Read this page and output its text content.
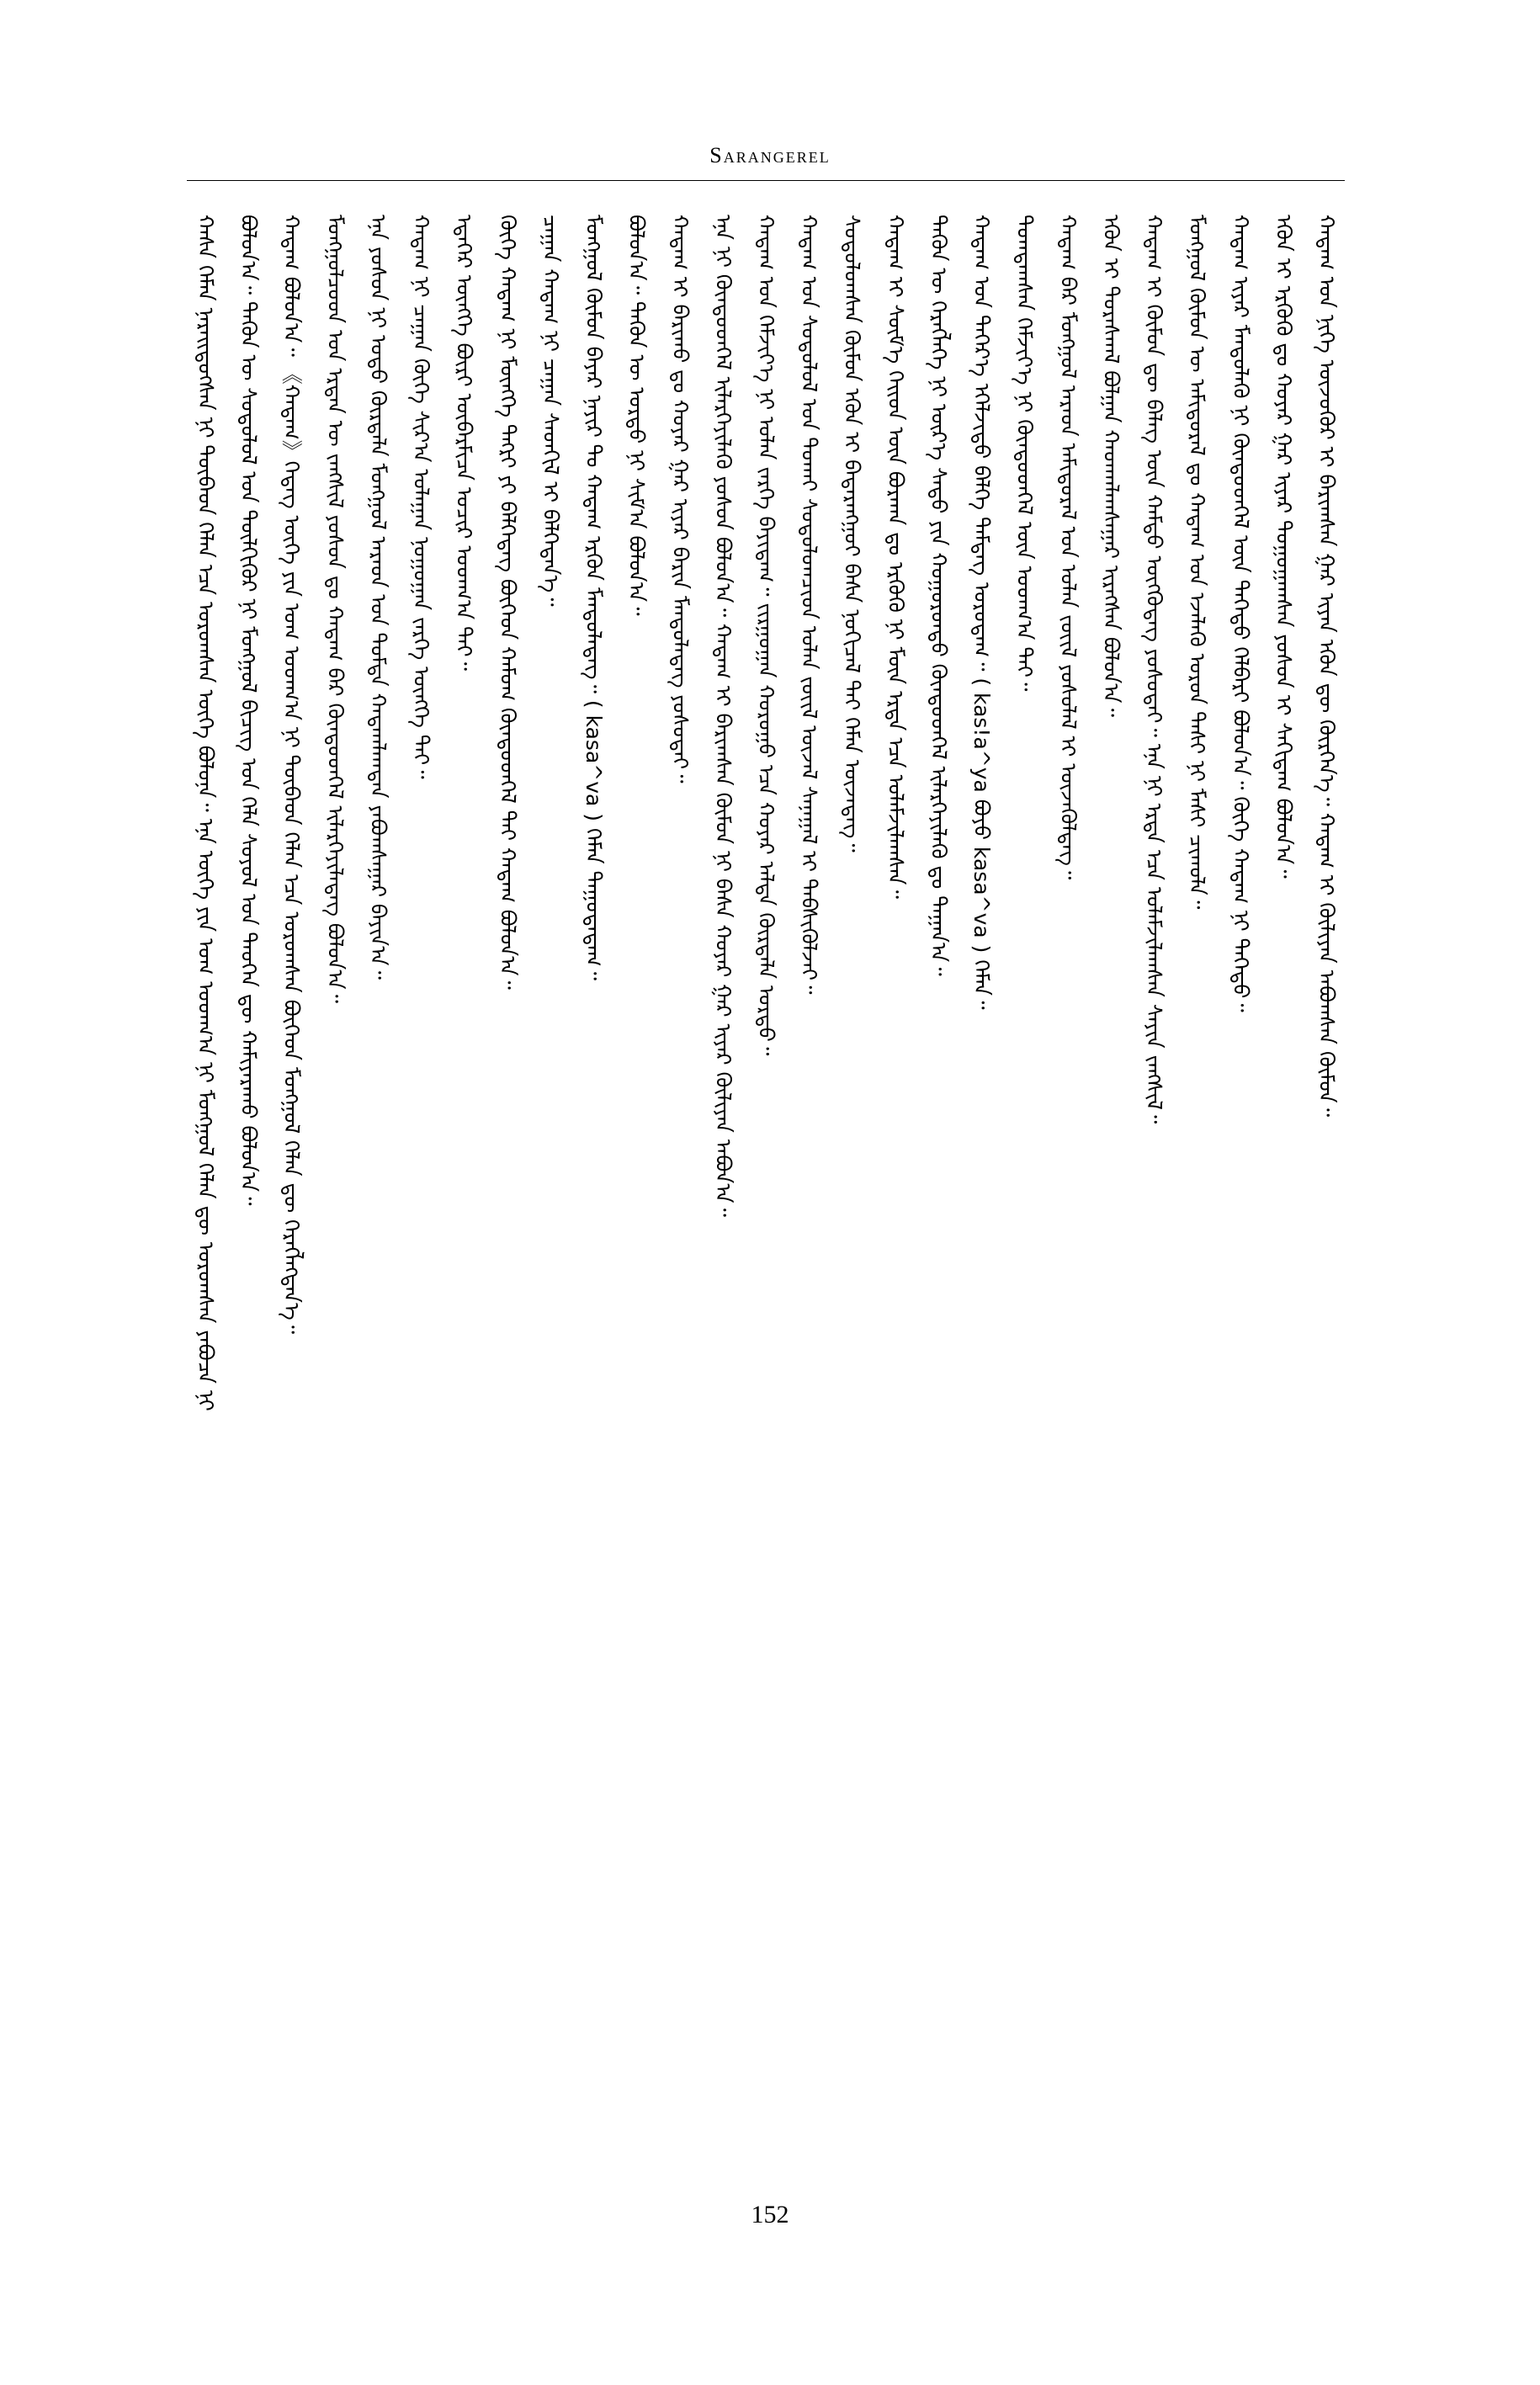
Sarangerel
ᠬᠠᠰᠠ ᠬᠡᠮᠡᠨ ᠨᠡᠷᠡᠢᠳᠦᠭᠰᠡᠨ ᠨᠢ ᠲᠥᠪᠡᠳ ᠬᠡᠯᠡᠨ ᠡᠴᠡ ᠣᠷᠣᠭᠰᠠᠨ ᠦᠭᠡ ᠪᠣᠯᠤᠨᠠ᠃ ᠡᠨᠡ ᠦᠭᠡ ᠶᠢᠨ ᠤᠭ ᠤᠳᠬ᠎ᠠ ᠨᠢ ᠮᠣᠩᠭᠣᠯ ᠬᠡᠯᠡᠨ ᠳᠦ ᠣᠷᠣᠭᠰᠠᠨ ᠶᠠᠪᠤᠴᠠ ᠨᠢ ᠪᠣᠯᠤᠨ᠎ᠠ᠃ ᠲᠡᠭᠦᠨ ᠦ ᠰᠤᠳᠤᠯᠤᠯ ᠤᠨ ᠲᠦᠯᠬᠢᠭᠦᠷ ᠨᠢ ᠮᠣᠩᠭᠣᠯ ᠪᠢᠴᠢᠭ ᠤᠨ ᠬᠡᠯᠡ ᠰᠣᠶᠣᠯ ᠤᠨ ᠲᠡᠦᠬᠡᠨ ᠳᠦ ᠬᠠᠮᠢᠶᠠᠷᠠᠬᠤ ᠪᠣᠯᠤᠨ᠎ᠠ᠃ ᠬᠠᠳᠠᠭ ᠪᠣᠯᠤᠨ᠎ᠠ᠃ 《ᠬᠠᠳᠠᠭ》ᠭᠡᠳᠡᠭ ᠦᠭᠡ ᠶᠢᠨ ᠤᠭ ᠤᠳᠬ᠎ᠠ ᠨᠢ ᠲᠥᠪᠡᠳ ᠬᠡᠯᠡᠨ ᠡᠴᠡ ᠣᠷᠣᠭᠰᠠᠨ ᠪᠥᠭᠡᠳ ᠮᠣᠩᠭᠣᠯ ᠬᠡᠯᠡᠨ ᠳᠦ ᠬᠡᠷᠡᠭᠯᠡᠭᠳᠡᠨ᠎ᠡ᠃ ᠮᠣᠩᠭᠣᠯᠴᠤᠳ ᠤᠨ ᠡᠷᠲᠡᠨ ᠦ ᠵᠠᠩᠱᠢᠯ ᠶᠣᠰᠤᠨ ᠳᠤ ᠬᠠᠳᠠᠭ ᠪᠡᠷ ᠬᠦᠨᠳᠦᠳᠬᠡᠯ ᠢᠯᠡᠷᠬᠡᠶᠢᠯᠡᠳᠡᠭ ᠪᠣᠯᠤᠨ᠎ᠠ᠃ ᠡᠨᠡ ᠶᠣᠰᠤᠨ ᠨᠢ ᠣᠳᠣ ᠬᠦᠷᠲᠡᠯᠡ ᠮᠣᠩᠭᠣᠯ ᠠᠷᠠᠳ ᠤᠨ ᠳᠤᠮᠳᠠ ᠬᠠᠳᠠᠭᠯᠠᠭᠳᠠᠨ ᠶᠠᠪᠤᠭᠰᠠᠭᠠᠷ ᠪᠠᠶᠢᠨ᠎ᠠ᠃ ᠬᠠᠳᠠᠭ ᠨᠢ ᠴᠠᠭᠠᠨ ᠬᠥᠬᠡ ᠰᠢᠷ᠎ᠠ ᠤᠯᠠᠭᠠᠨ ᠨᠣᠭᠣᠭᠠᠨ ᠵᠡᠷᠭᠡ ᠥᠩᠭᠡ ᠲᠠᠢ᠃ ᠡᠳᠡᠭᠡᠷ ᠥᠩᠭᠡ ᠪᠦᠷᠢ ᠥᠪᠡᠷᠮᠢᠴᠡ ᠤᠴᠢᠷ ᠤᠳᠬ᠎ᠠ ᠲᠠᠢ᠃ ᠬᠥᠬᠡ ᠬᠠᠳᠠᠭ ᠨᠢ ᠮᠥᠩᠬᠡ ᠲᠩᠷᠢ ᠶᠢ ᠪᠡᠯᠭᠡᠳᠡᠭ ᠪᠦᠭᠡᠳ ᠬᠠᠮᠤᠭ ᠬᠦᠨᠳᠦᠳᠬᠡᠯ ᠲᠡᠢ ᠬᠠᠳᠠᠭ ᠪᠣᠯᠤᠨ᠎ᠠ᠃ ᠴᠠᠭᠠᠨ ᠬᠠᠳᠠᠭ ᠨᠢ ᠴᠠᠭᠠᠨ ᠰᠡᠳᠬᠢᠯ ᠢ ᠪᠡᠯᠭᠡᠳᠡᠨ᠎ᠡ᠃ ᠮᠣᠩᠭᠣᠯ ᠬᠦᠮᠦᠨ ᠪᠠᠶᠠᠷ ᠨᠠᠶᠢᠷ ᠲᠤ ᠬᠠᠳᠠᠭ ᠡᠷᠭᠦᠨ ᠮᠡᠨᠳᠦᠯᠡᠳᠡᠭ᠃ ( kasa^va ) ᠬᠡᠮᠡᠨ ᠳᠠᠭᠤᠳᠠᠳᠠᠭ᠃ ᠪᠣᠯᠤᠨ᠎ᠠ᠃ ᠲᠡᠭᠦᠨ ᠦ ᠤᠷᠲᠤ ᠨᠢ ᠰᠢᠮ᠎ᠠ ᠪᠣᠯᠤᠨ᠎ᠠ᠃ ᠬᠠᠳᠠᠭ ᠢ ᠪᠠᠷᠢᠬᠤ ᠳᠤ ᠬᠣᠶᠠᠷ ᠭᠠᠷ ᠢᠶᠠᠷ ᠪᠠᠷᠢᠨ ᠮᠡᠨᠳᠦᠯᠡᠳᠡᠭ ᠶᠣᠰᠤᠲᠠᠢ᠃ ᠡᠨᠡ ᠨᠢ ᠬᠦᠨᠳᠦᠳᠬᠡᠯ ᠢᠯᠡᠷᠬᠡᠶᠢᠯᠡᠬᠦ ᠶᠣᠰᠤᠨ ᠪᠣᠯᠤᠨ᠎ᠠ᠃ ᠬᠠᠳᠠᠭ ᠢ ᠪᠠᠷᠢᠭᠰᠠᠨ ᠬᠦᠮᠦᠨ ᠨᠢ ᠪᠠᠰᠠ ᠬᠣᠶᠠᠷ ᠭᠠᠷ ᠢᠶᠠᠷ ᠬᠦᠯᠢᠶᠡᠨ ᠠᠪᠤᠨ᠎ᠠ᠃ ᠬᠠᠳᠠᠭ ᠤᠨ ᠬᠡᠮᠵᠢᠶ᠎ᠡ ᠨᠢ ᠣᠯᠠᠨ ᠵᠡᠷᠭᠡ ᠪᠠᠶᠢᠳᠠᠭ᠃ ᠵᠢᠷᠭᠤᠭᠠᠨ ᠬᠤᠷᠤᠭᠤ ᠡᠴᠡ ᠬᠣᠶᠠᠷ ᠠᠯᠳᠠ ᠬᠦᠷᠲᠡᠯᠡ ᠤᠷᠲᠤ᠃ ᠬᠠᠳᠠᠭ ᠤᠨ ᠰᠤᠳᠤᠯᠤᠯ ᠤᠨ ᠲᠤᠬᠠᠶ ᠰᠤᠳᠤᠯᠤᠭᠴᠢᠳ ᠣᠯᠠᠨ ᠵᠦᠢᠯ ᠦᠵᠡᠯ ᠰᠠᠨᠠᠭᠠᠯ ᠢ ᠳᠡᠪᠰᠢᠭᠦᠯᠵᠡᠢ᠃ ᠰᠤᠳᠤᠯᠤᠭᠰᠠᠨ ᠬᠦᠮᠦᠨ ᠡᠭᠦᠨ ᠢ ᠪᠠᠳᠠᠷᠠᠩᠭᠤᠢ ᠪᠠᠰᠠ ᠨᠣᠬᠢᠴᠠᠯ ᠳᠠᠢ ᠬᠡᠮᠡᠨ ᠦᠵᠡᠳᠡᠭ᠃ ᠬᠠᠳᠠᠭ ᠢ ᠰᠦᠮ᠎ᠡ ᠬᠡᠢᠳ ᠦᠨ ᠪᠣᠷᠬᠠᠨ ᠳᠤ ᠡᠷᠭᠦᠬᠦ ᠨᠢ ᠮᠥᠨ ᠡᠷᠲᠡ ᠡᠴᠡ ᠤᠯᠠᠮᠵᠢᠯᠠᠭᠰᠠᠨ᠃ ᠲᠡᠭᠦᠨ ᠦ ᠬᠡᠷᠡᠭᠯᠡᠭᠡ ᠨᠢ ᠦᠷ᠎ᠡ ᠰᠠᠳᠤ ᠶᠢᠨ ᠬᠣᠭᠣᠷᠣᠨᠳᠣ ᠬᠦᠨᠳᠦᠳᠬᠡᠯ ᠢᠯᠡᠷᠬᠡᠶᠢᠯᠡᠬᠦ ᠳᠤ ᠳᠠᠭᠠᠨ᠎ᠠ᠃ ᠬᠠᠳᠠᠭ ᠤᠨ ᠳᠡᠭᠡᠷ᠎ᠡ ᠡᠭᠡᠯᠵᠢᠲᠦ ᠪᠡᠯᠭᠡ ᠲᠡᠮᠳᠡᠭ ᠣᠷᠣᠳᠠᠭ᠃ ( kas!a^ya ᠪᠤᠶᠤ kasa^va ) ᠬᠡᠮᠡᠨ᠃ ᠲᠣᠭᠲᠠᠭᠰᠠᠨ ᠬᠡᠮᠵᠢᠶ᠎ᠡ ᠨᠢ ᠬᠦᠨᠳᠦᠳᠬᠡᠯ ᠦᠨ ᠤᠳᠬ᠎ᠠ ᠲᠡᠢ᠃ ᠬᠠᠳᠠᠭ ᠪᠡᠷ ᠮᠣᠩᠭᠣᠯ ᠠᠷᠠᠳ ᠠᠮᠢᠳᠤᠷᠠᠯ ᠤᠨ ᠣᠯᠠᠨ ᠵᠦᠢᠯ ᠶᠣᠰᠤᠯᠠᠯ ᠢ ᠦᠵᠡᠭᠦᠯᠳᠡᠭ᠃ ᠡᠭᠦᠨ ᠢ ᠳᠤᠷᠠᠰᠬᠠᠯ ᠪᠣᠯᠭᠠᠨ ᠬᠠᠳᠭᠠᠯᠠᠭᠰᠠᠭᠠᠷ ᠢᠷᠡᠭᠰᠡᠨ ᠪᠣᠯᠤᠨ᠎ᠠ᠃ ᠬᠠᠳᠠᠭ ᠢ ᠬᠦᠮᠦᠨ ᠳᠦ ᠪᠡᠯᠡᠭ ᠦᠨ ᠬᠠᠮᠲᠤ ᠥᠭᠭᠦᠳᠡᠭ ᠶᠣᠰᠤᠲᠠᠢ᠃ ᠡᠨᠡ ᠨᠢ ᠡᠷᠲᠡ ᠡᠴᠡ ᠤᠯᠠᠮᠵᠢᠯᠠᠭᠰᠠᠨ ᠰᠠᠶᠢᠨ ᠵᠠᠩᠰᠢᠯ᠃ ᠮᠣᠩᠭᠣᠯ ᠬᠦᠮᠦᠨ ᠦ ᠠᠮᠢᠳᠤᠷᠠᠯ ᠳᠤ ᠬᠠᠳᠠᠭ ᠤᠨ ᠡᠵᠡᠯᠡᠬᠦ ᠣᠷᠤᠨ ᠲᠡᠰᠢ ᠨᠢ ᠮᠠᠰᠢ ᠴᠢᠬᠤᠯᠠ᠃ ᠬᠠᠳᠠᠭ ᠢᠶᠠᠷ ᠮᠡᠨᠳᠦᠯᠡᠬᠦ ᠨᠢ ᠬᠦᠨᠳᠦᠳᠬᠡᠯ ᠦᠨ ᠳᠡᠭᠡᠳᠦ ᠬᠡᠯᠪᠡᠷᠢ ᠪᠣᠯᠤᠨ᠎ᠠ᠃ ᠬᠥᠬᠡ ᠬᠠᠳᠠᠭ ᠨᠢ ᠳᠡᠭᠡᠳᠦ᠃ ᠡᠭᠦᠨ ᠢ ᠡᠷᠭᠦᠬᠦ ᠳᠤ ᠬᠣᠶᠠᠷ ᠭᠠᠷ ᠢᠶᠠᠷ ᠲᠣᠭᠣᠭᠠᠭᠰᠠᠨ ᠶᠣᠰᠤᠨ ᠢ ᠰᠠᠬᠢᠳᠠᠭ ᠪᠣᠯᠤᠨ᠎ᠠ᠃ ᠬᠠᠳᠠᠭ ᠤᠨ ᠨᠢᠭᠡ ᠦᠵᠦᠭᠦᠷ ᠢ ᠪᠠᠷᠢᠭᠰᠠᠨ ᠭᠠᠷ ᠢᠶᠠᠨ ᠡᠭᠦᠨ ᠳᠦ ᠬᠦᠷᠭᠡᠨ᠎ᠡ᠃ ᠬᠠᠳᠠᠭ ᠢ ᠬᠦᠯᠢᠶᠡᠨ ᠠᠪᠤᠭᠰᠠᠨ ᠬᠦᠮᠦᠨ᠃
152
